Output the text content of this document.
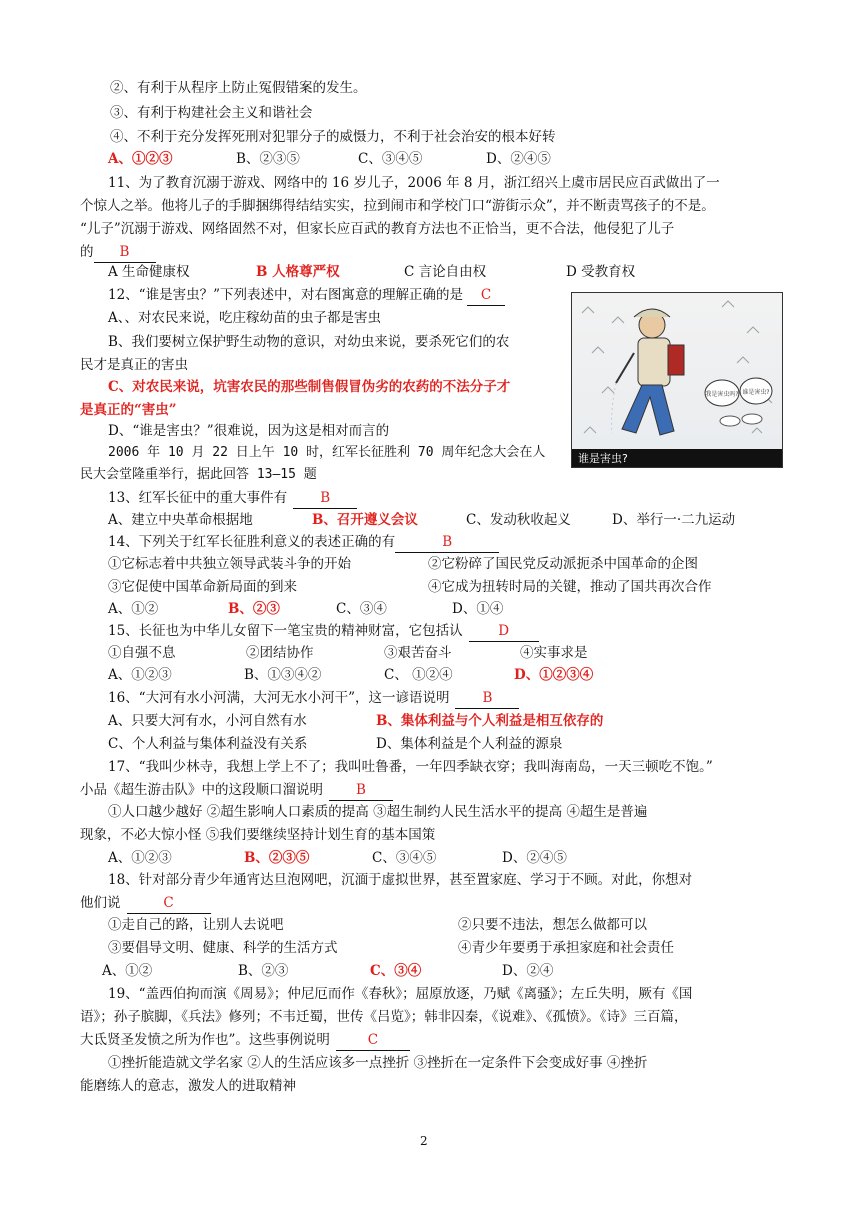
②、有利于从程序上防止冤假错案的发生。
③、有利于构建社会主义和谐社会
④、不利于充分发挥死刑对犯罪分子的威慑力，不利于社会治安的根本好转
A、①②③	B、②③⑤	C、③④⑤	D、②④⑤
11、为了教育沉溺于游戏、网络中的 16 岁儿子，2006 年 8 月，浙江绍兴上虞市居民应百武做出了一
个惊人之举。他将儿子的手脚捆绑得结结实实，拉到闹市和学校门口“游街示众”，并不断责骂孩子的不是。
“儿子”沉溺于游戏、网络固然不对，但家长应百武的教育方法也不正恰当，更不合法，他侵犯了儿子
的 B
A 生命健康权	B 人格尊严权	C 言论自由权	D 受教育权
12、“谁是害虫？”下列表述中，对右图寓意的理解正确的是 C
A、、对农民来说，吃庄稼幼苗的虫子都是害虫
B、我们要树立保护野生动物的意识，对幼虫来说，要杀死它们的农
民才是真正的害虫
C、对农民来说，坑害农民的那些制售假冒伪劣的农药的不法分子才
是真正的“害虫”
D、“谁是害虫？”很难说，因为这是相对而言的
我是害虫吗? 谁是害虫?
谁是害虫?
2006 年 10 月 22 日上午 10 时，红军长征胜利 70 周年纪念大会在人
民大会堂隆重举行，据此回答 13—15 题
13、红军长征中的重大事件有 B
A、建立中央革命根据地	B、召开遵义会议	C、发动秋收起义	D、举行一·二九运动
14、下列关于红军长征胜利意义的表述正确的有	B
①它标志着中共独立领导武装斗争的开始	②它粉碎了国民党反动派扼杀中国革命的企图
③它促使中国革命新局面的到来	④它成为扭转时局的关键，推动了国共再次合作
A、①②	B、②③	C、③④	D、①④
15、长征也为中华儿女留下一笔宝贵的精神财富，它包括认	D
①自强不息	②团结协作	③艰苦奋斗	④实事求是
A、①②③	B、①③④②	C、 ①②④	D、①②③④
16、“大河有水小河满，大河无水小河干”，这一谚语说明 B
A、只要大河有水，小河自然有水	B、集体利益与个人利益是相互依存的
C、个人利益与集体利益没有关系	D、集体利益是个人利益的源泉
17、“我叫少林寺，我想上学上不了；我叫吐鲁番，一年四季缺衣穿；我叫海南岛，一天三顿吃不饱。”
小品《超生游击队》中的这段顺口溜说明 B
①人口越少越好 ②超生影响人口素质的提高 ③超生制约人民生活水平的提高 ④超生是普遍
现象，不必大惊小怪 ⑤我们要继续坚持计划生育的基本国策
A、①②③	B、②③⑤	C、③④⑤	D、②④⑤
18、针对部分青少年通宵达旦泡网吧，沉湎于虚拟世界，甚至置家庭、学习于不顾。对此，你想对
他们说	C
①走自己的路，让别人去说吧	②只要不违法，想怎么做都可以
③要倡导文明、健康、科学的生活方式	④青少年要勇于承担家庭和社会责任
A、①②	B、②③	C、③④	D、②④
19、“盖西伯拘而演《周易》；仲尼厄而作《春秋》；屈原放逐，乃赋《离骚》；左丘失明，厥有《国
语》；孙子膑脚，《兵法》修列；不韦迁蜀，世传《吕览》；韩非囚秦，《说难》、《孤愤》。《诗》三百篇，
大氐贤圣发愤之所为作也”。这些事例说明	C
①挫折能造就文学名家 ②人的生活应该多一点挫折 ③挫折在一定条件下会变成好事 ④挫折
能磨练人的意志，激发人的进取精神
2
